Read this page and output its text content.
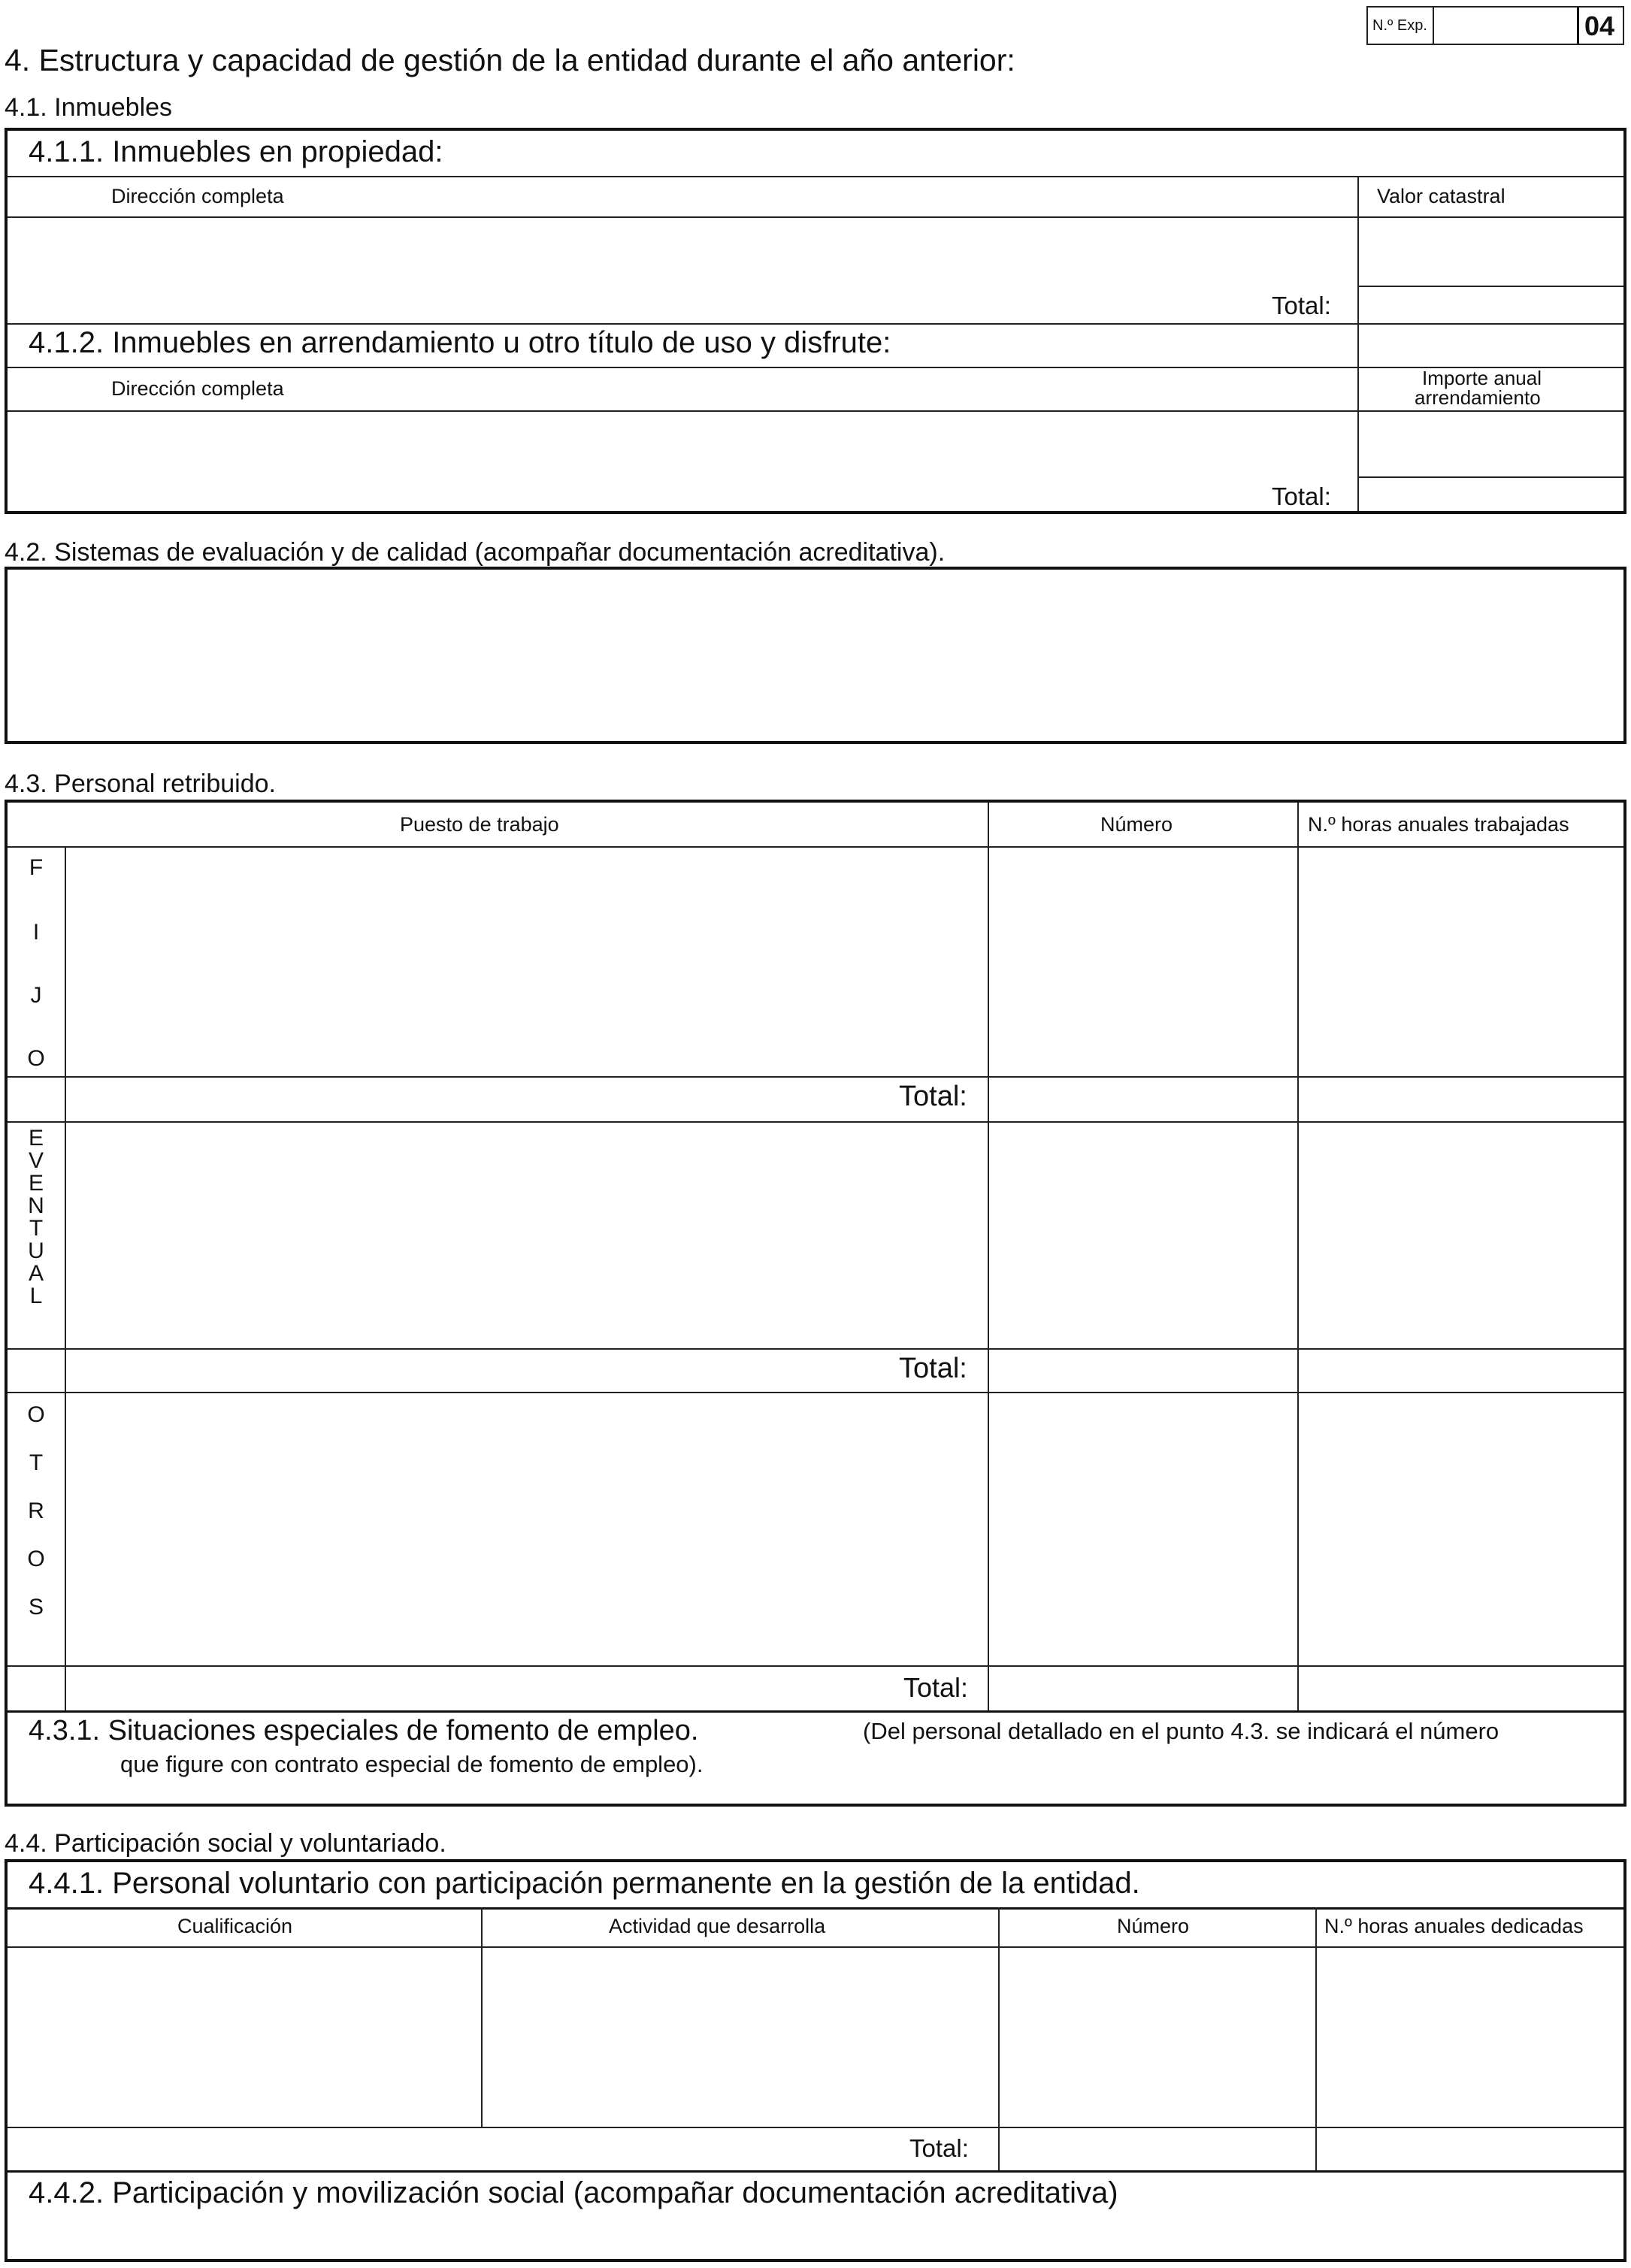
N.º Exp.	04
4. Estructura y capacidad de gestión de la entidad durante el año anterior:
4.1. Inmuebles
4.1.1. Inmuebles en propiedad:
Dirección completa	Valor catastral
Total:
4.1.2. Inmuebles en arrendamiento u otro título de uso y disfrute:
Dirección completa	Importe anual
arrendamiento
Total:
4.2. Sistemas de evaluación y de calidad (acompañar documentación acreditativa).
4.3. Personal retribuido.
Puesto de trabajo	Número	N.º horas anuales trabajadas
F
I
J
O
Total:
E
V
E
N
T
U
A
L
Total:
O
T
R
O
S
Total:
4.3.1. Situaciones especiales de fomento de empleo.	(Del personal detallado en el punto 4.3. se indicará el número
que figure con contrato especial de fomento de empleo).
4.4. Participación social y voluntariado.
4.4.1. Personal voluntario con participación permanente en la gestión de la entidad.
Cualificación	Actividad que desarrolla	Número	N.º horas anuales dedicadas
Total:
4.4.2. Participación y movilización social (acompañar documentación acreditativa)
